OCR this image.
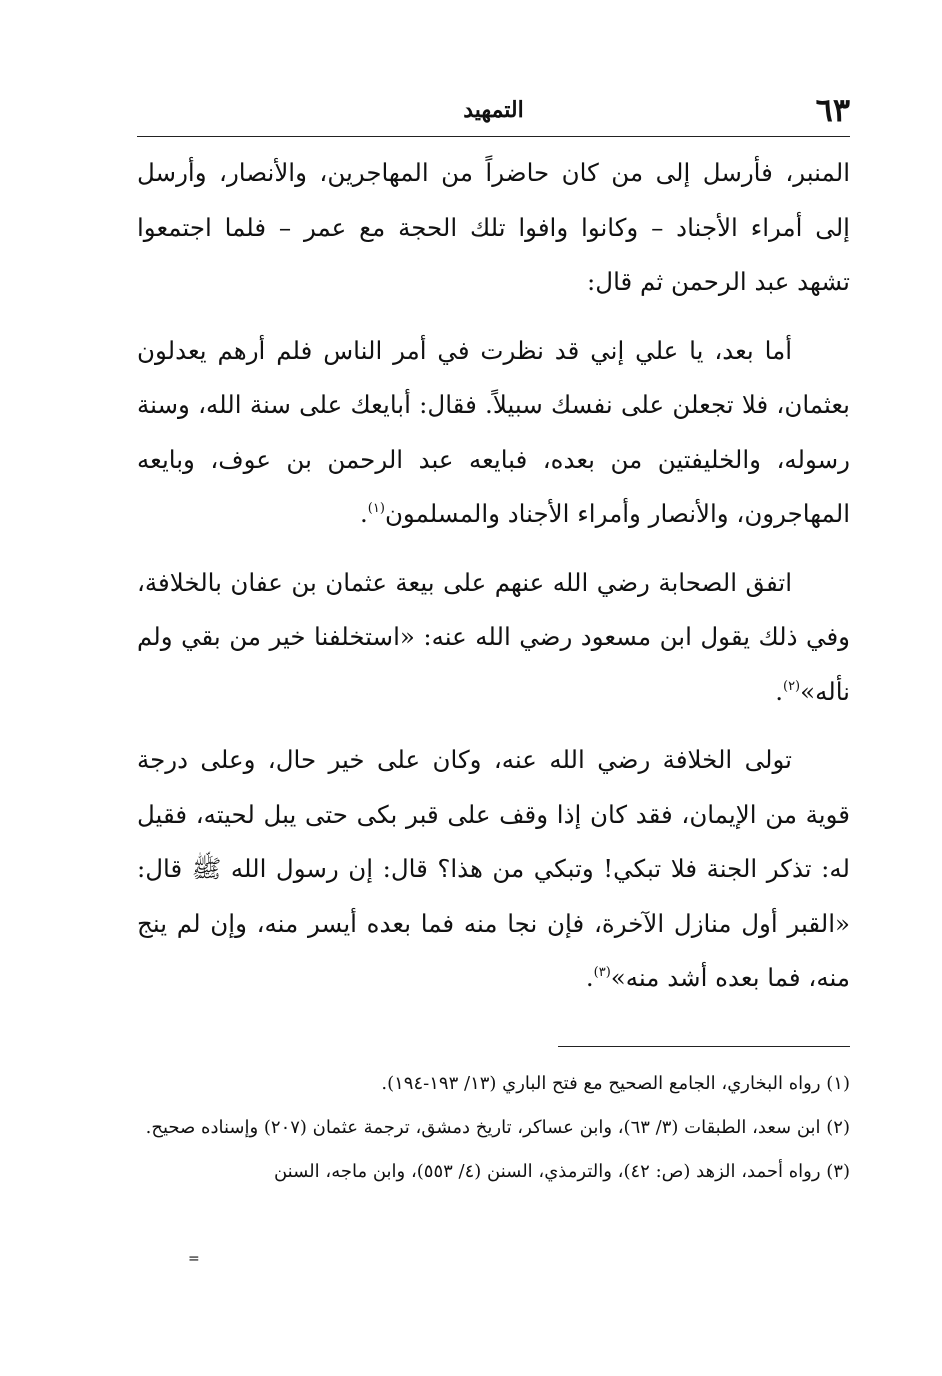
٦٣
التمهيد

المنبر، فأرسل إلى من كان حاضراً من المهاجرين، والأنصار، وأرسل إلى أمراء الأجناد – وكانوا وافوا تلك الحجة مع عمر – فلما اجتمعوا تشهد عبد الرحمن ثم قال:

أما بعد، يا علي إني قد نظرت في أمر الناس فلم أرهم يعدلون بعثمان، فلا تجعلن على نفسك سبيلاً. فقال: أبايعك على سنة الله، وسنة رسوله، والخليفتين من بعده، فبايعه عبد الرحمن بن عوف، وبايعه المهاجرون، والأنصار وأمراء الأجناد والمسلمون$^{(١)}$.

اتفق الصحابة رضي الله عنهم على بيعة عثمان بن عفان بالخلافة، وفي ذلك يقول ابن مسعود رضي الله عنه: «استخلفنا خير من بقي ولم نأله»$^{(٢)}$.

تولى الخلافة رضي الله عنه، وكان على خير حال، وعلى درجة قوية من الإيمان، فقد كان إذا وقف على قبر بكى حتى يبل لحيته، فقيل له: تذكر الجنة فلا تبكي! وتبكي من هذا؟ قال: إن رسول الله ﷺ قال: «القبر أول منازل الآخرة، فإن نجا منه فما بعده أيسر منه، وإن لم ينج منه، فما بعده أشد منه»$^{(٣)}$.

(١) رواه البخاري، الجامع الصحيح مع فتح الباري (١٣/ ١٩٣-١٩٤).

(٢) ابن سعد، الطبقات (٣/ ٦٣)، وابن عساكر، تاريخ دمشق، ترجمة عثمان (٢٠٧) وإسناده صحيح.

(٣) رواه أحمد، الزهد (ص: ٤٢)، والترمذي، السنن (٤/ ٥٥٣)، وابن ماجه، السنن

=
